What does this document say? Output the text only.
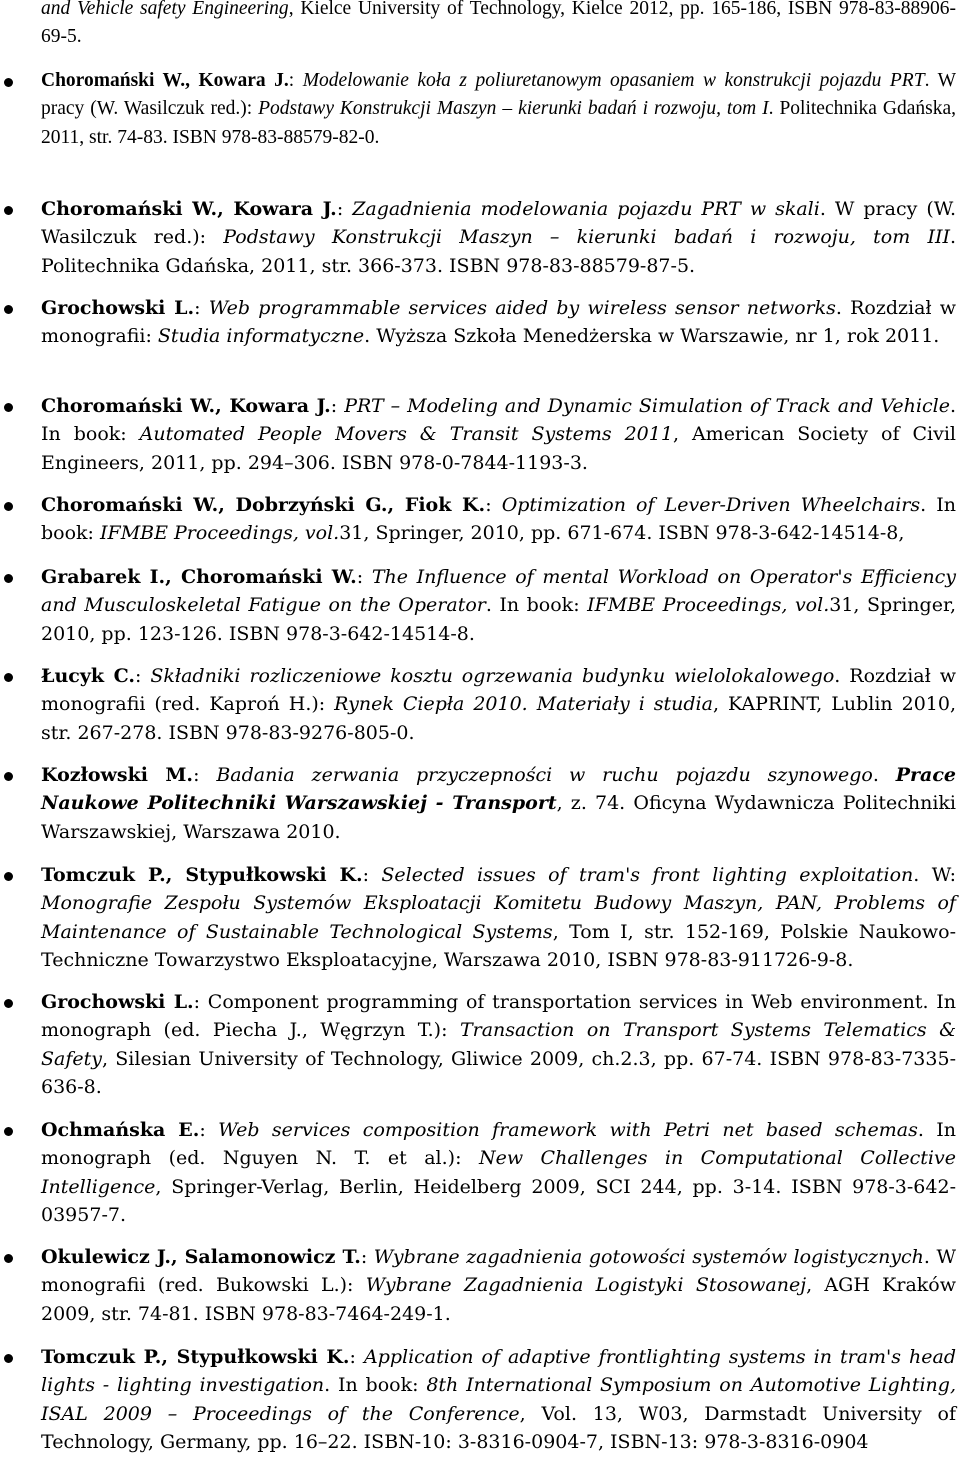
and Vehicle safety Engineering, Kielce University of Technology, Kielce 2012, pp. 165-186, ISBN 978-83-88906-69-5.

Choromański W., Kowara J.: Modelowanie koła z poliuretanowym opasaniem w konstrukcji pojazdu PRT. W pracy (W. Wasilczuk red.): Podstawy Konstrukcji Maszyn – kierunki badań i rozwoju, tom I. Politechnika Gdańska, 2011, str. 74-83. ISBN 978-83-88579-82-0.

Choromański W., Kowara J.: Zagadnienia modelowania pojazdu PRT w skali. W pracy (W. Wasilczuk red.): Podstawy Konstrukcji Maszyn – kierunki badań i rozwoju, tom III. Politechnika Gdańska, 2011, str. 366-373. ISBN 978-83-88579-87-5.

Grochowski L.: Web programmable services aided by wireless sensor networks. Rozdział w monografii: Studia informatyczne. Wyższa Szkoła Menedżerska w Warszawie, nr 1, rok 2011.

Choromański W., Kowara J.: PRT – Modeling and Dynamic Simulation of Track and Vehicle. In book: Automated People Movers & Transit Systems 2011, American Society of Civil Engineers, 2011, pp. 294–306. ISBN 978-0-7844-1193-3.

Choromański W., Dobrzyński G., Fiok K.: Optimization of Lever-Driven Wheelchairs. In book: IFMBE Proceedings, vol.31, Springer, 2010, pp. 671-674. ISBN 978-3-642-14514-8,

Grabarek I., Choromański W.: The Influence of mental Workload on Operator's Efficiency and Musculoskeletal Fatigue on the Operator. In book: IFMBE Proceedings, vol.31, Springer, 2010, pp. 123-126. ISBN 978-3-642-14514-8.

Łucyk C.: Składniki rozliczeniowe kosztu ogrzewania budynku wielolokalowego. Rozdział w monografii (red. Kaproń H.): Rynek Ciepła 2010. Materiały i studia, KAPRINT, Lublin 2010, str. 267-278. ISBN 978-83-9276-805-0.

Kozłowski M.: Badania zerwania przyczepności w ruchu pojazdu szynowego. Prace Naukowe Politechniki Warszawskiej - Transport, z. 74. Oficyna Wydawnicza Politechniki Warszawskiej, Warszawa 2010.

Tomczuk P., Stypułkowski K.: Selected issues of tram's front lighting exploitation. W: Monografie Zespołu Systemów Eksploatacji Komitetu Budowy Maszyn, PAN, Problems of Maintenance of Sustainable Technological Systems, Tom I, str. 152-169, Polskie Naukowo-Techniczne Towarzystwo Eksploatacyjne, Warszawa 2010, ISBN 978-83-911726-9-8.

Grochowski L.: Component programming of transportation services in Web environment. In monograph (ed. Piecha J., Węgrzyn T.): Transaction on Transport Systems Telematics & Safety, Silesian University of Technology, Gliwice 2009, ch.2.3, pp. 67-74. ISBN 978-83-7335-636-8.

Ochmańska E.: Web services composition framework with Petri net based schemas. In monograph (ed. Nguyen N. T. et al.): New Challenges in Computational Collective Intelligence, Springer-Verlag, Berlin, Heidelberg 2009, SCI 244, pp. 3-14. ISBN 978-3-642-03957-7.

Okulewicz J., Salamonowicz T.: Wybrane zagadnienia gotowości systemów logistycznych. W monografii (red. Bukowski L.): Wybrane Zagadnienia Logistyki Stosowanej, AGH Kraków 2009, str. 74-81. ISBN 978-83-7464-249-1.

Tomczuk P., Stypułkowski K.: Application of adaptive frontlighting systems in tram's head lights - lighting investigation. In book: 8th International Symposium on Automotive Lighting, ISAL 2009 – Proceedings of the Conference, Vol. 13, W03, Darmstadt University of Technology, Germany, pp. 16–22. ISBN-10: 3-8316-0904-7, ISBN-13: 978-3-8316-0904
